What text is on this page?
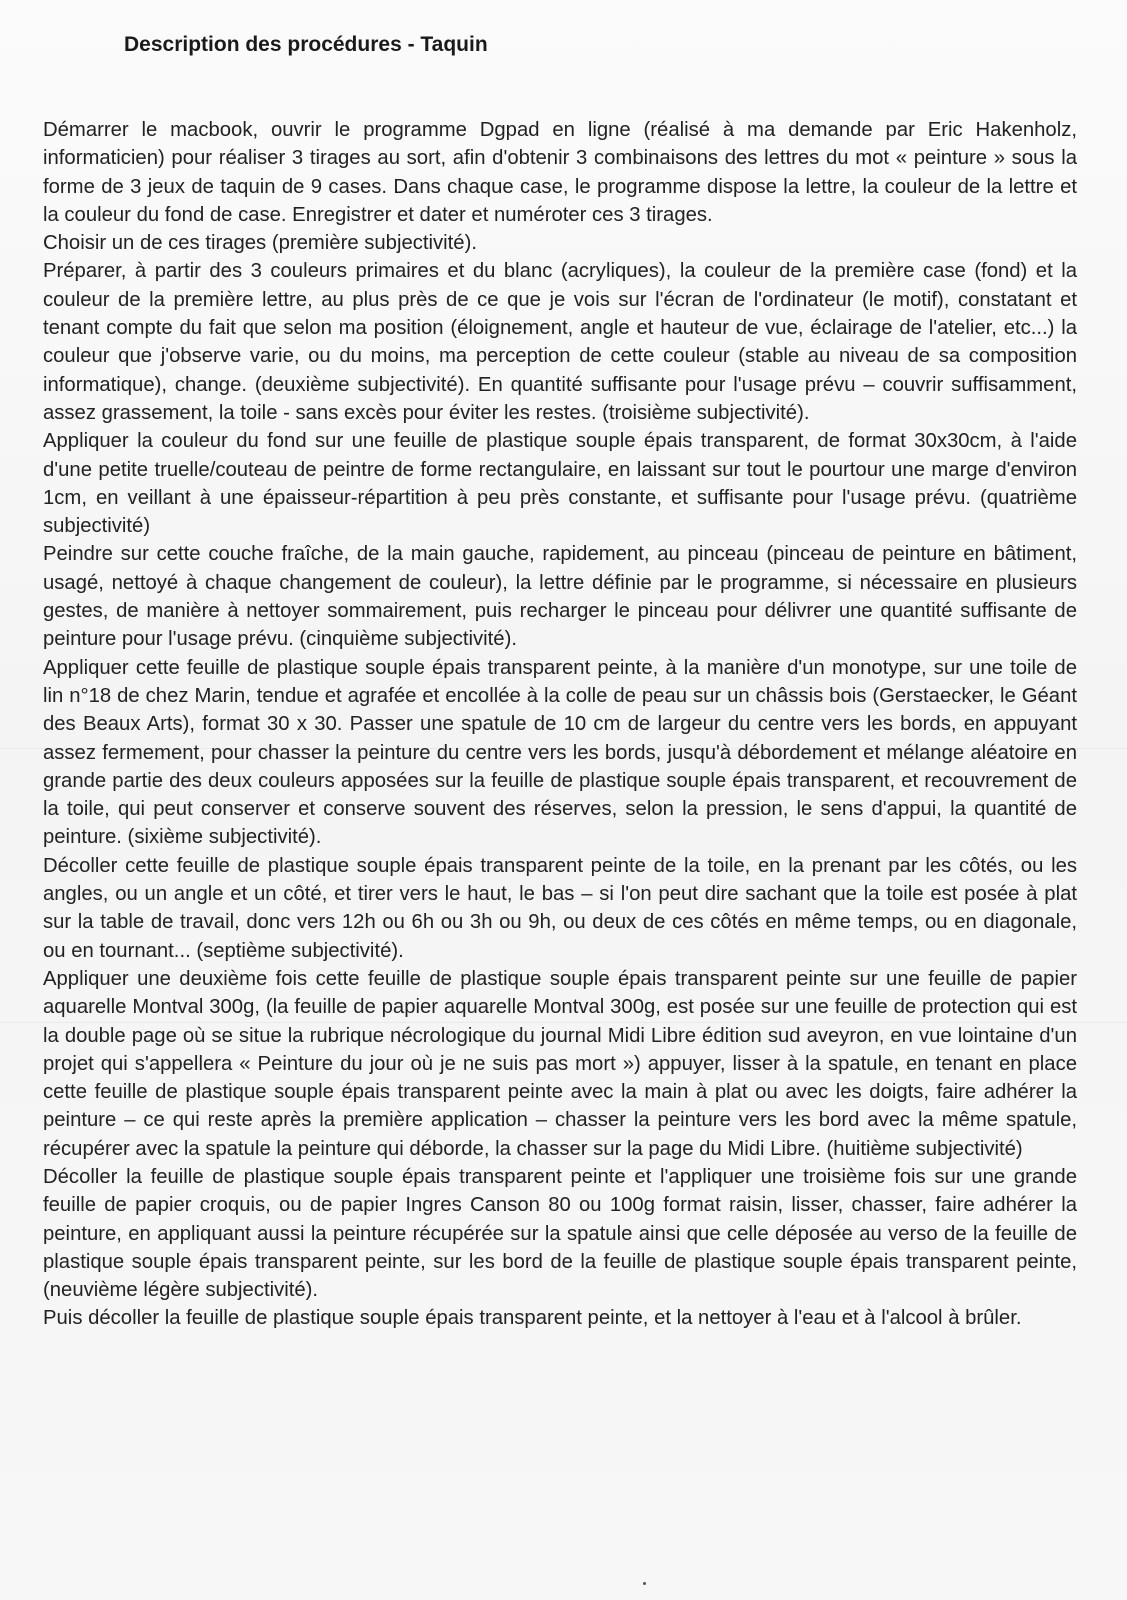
Description des procédures - Taquin

Démarrer le macbook, ouvrir le programme Dgpad en ligne (réalisé à ma demande par Eric Hakenholz, informaticien) pour réaliser 3 tirages au sort, afin d'obtenir 3 combinaisons des lettres du mot « peinture » sous la forme de 3 jeux de taquin de 9 cases. Dans chaque case, le programme dispose la lettre, la couleur de la lettre et la couleur du fond de case. Enregistrer et dater et numéroter ces 3 tirages.

Choisir un de ces tirages (première subjectivité).

Préparer, à partir des 3 couleurs primaires et du blanc (acryliques), la couleur de la première case (fond) et la couleur de la première lettre, au plus près de ce que je vois sur l'écran de l'ordinateur (le motif), constatant et tenant compte du fait que selon ma position (éloignement, angle et hauteur de vue, éclairage de l'atelier, etc...) la couleur que j'observe varie, ou du moins, ma perception de cette couleur (stable au niveau de sa composition informatique), change. (deuxième subjectivité). En quantité suffisante pour l'usage prévu – couvrir suffisamment, assez grassement, la toile - sans excès pour éviter les restes. (troisième subjectivité).

Appliquer la couleur du fond sur une feuille de plastique souple épais transparent, de format 30x30cm, à l'aide d'une petite truelle/couteau de peintre de forme rectangulaire, en laissant sur tout le pourtour une marge d'environ 1cm, en veillant à une épaisseur-répartition à peu près constante, et suffisante pour l'usage prévu. (quatrième subjectivité)

Peindre sur cette couche fraîche, de la main gauche, rapidement, au pinceau (pinceau de peinture en bâtiment, usagé, nettoyé à chaque changement de couleur), la lettre définie par le programme, si nécessaire en plusieurs gestes, de manière à nettoyer sommairement, puis recharger le pinceau pour délivrer une quantité suffisante de peinture pour l'usage prévu. (cinquième subjectivité).

Appliquer cette feuille de plastique souple épais transparent peinte, à la manière d'un monotype, sur une toile de lin n°18 de chez Marin, tendue et agrafée et encollée à la colle de peau sur un châssis bois (Gerstaecker, le Géant des Beaux Arts), format 30 x 30. Passer une spatule de 10 cm de largeur du centre vers les bords, en appuyant assez fermement, pour chasser la peinture du centre vers les bords, jusqu'à débordement et mélange aléatoire en grande partie des deux couleurs apposées sur la feuille de plastique souple épais transparent, et recouvrement de la toile, qui peut conserver et conserve souvent des réserves, selon la pression, le sens d'appui, la quantité de peinture. (sixième subjectivité).

Décoller cette feuille de plastique souple épais transparent peinte de la toile, en la prenant par les côtés, ou les angles, ou un angle et un côté, et tirer vers le haut, le bas – si l'on peut dire sachant que la toile est posée à plat sur la table de travail, donc vers 12h ou 6h ou 3h ou 9h, ou deux de ces côtés en même temps, ou en diagonale, ou en tournant... (septième subjectivité).

Appliquer une deuxième fois cette feuille de plastique souple épais transparent peinte sur une feuille de papier aquarelle Montval 300g, (la feuille de papier aquarelle Montval 300g, est posée sur une feuille de protection qui est la double page où se situe la rubrique nécrologique du journal Midi Libre édition sud aveyron, en vue lointaine d'un projet qui s'appellera « Peinture du jour où je ne suis pas mort ») appuyer, lisser à la spatule, en tenant en place cette feuille de plastique souple épais transparent peinte avec la main à plat ou avec les doigts, faire adhérer la peinture – ce qui reste après la première application – chasser la peinture vers les bord avec la même spatule, récupérer avec la spatule la peinture qui déborde, la chasser sur la page du Midi Libre. (huitième subjectivité)

Décoller la feuille de plastique souple épais transparent peinte et l'appliquer une troisième fois sur une grande feuille de papier croquis, ou de papier Ingres Canson 80 ou 100g format raisin, lisser, chasser, faire adhérer la peinture, en appliquant aussi la peinture récupérée sur la spatule ainsi que celle déposée au verso de la feuille de plastique souple épais transparent peinte, sur les bord de la feuille de plastique souple épais transparent peinte, (neuvième légère subjectivité).

Puis décoller la feuille de plastique souple épais transparent peinte, et la nettoyer à l'eau et à l'alcool à brûler.
